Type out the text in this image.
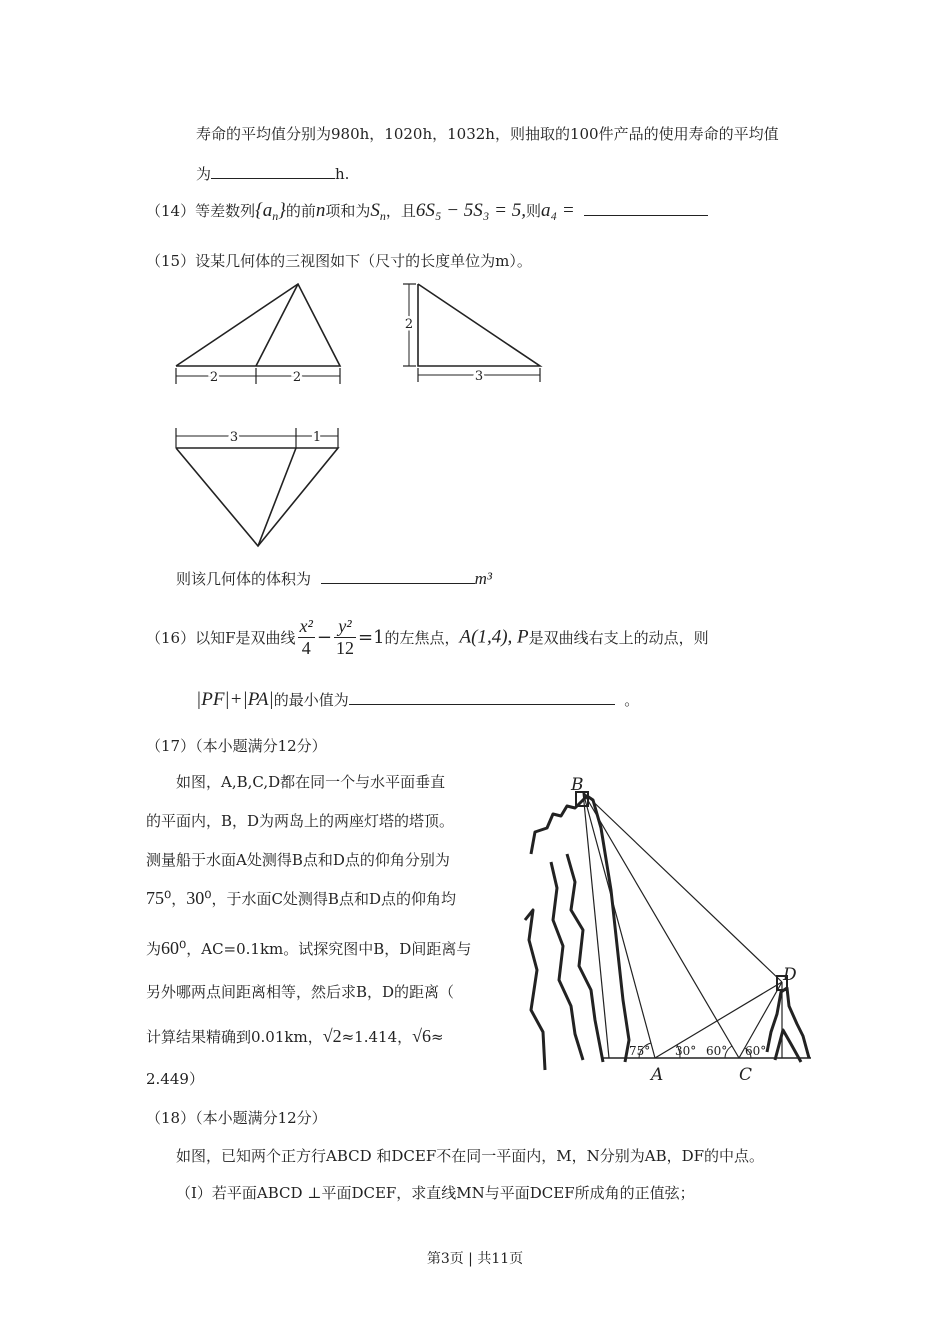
寿命的平均值分别为980h，1020h，1032h，则抽取的100件产品的使用寿命的平均值
为	h.
（14）等差数列$\{a_n\}$的前n项和为$S_n$，且6S₅ − 5S₃ = 5,则a₄ =
（15）设某几何体的三视图如下（尺寸的长度单位为m）。
2	2
2
3
3	1
则该几何体的体积为	m³
（16）以知F是双曲线 $\frac{\text{x²}}{4} - \frac{\text{y²}}{12} =1$的左焦点，A(1,4), P是双曲线右支上的动点，则
|PF|+|PA|的最小值为	。
（17）（本小题满分12分）
如图，A,B,C,D都在同一个与水平面垂直
的平面内，B，D为两岛上的两座灯塔的塔顶。
测量船于水面A处测得B点和D点的仰角分别为
75⁰，30⁰，于水面C处测得B点和D点的仰角均
为60⁰，AC=0.1km。试探究图中B，D间距离与
另外哪两点间距离相等，然后求B，D的距离（
计算结果精确到0.01km，√2≈1.414，√6≈
2.449）
B
D
A	C
75° 30° 60° 60°
（18）（本小题满分12分）
如图，已知两个正方行ABCD 和DCEF不在同一平面内，M，N分别为AB，DF的中点。
（Ⅰ）若平面ABCD ⊥平面DCEF，求直线MN与平面DCEF所成角的正值弦；
第3页 | 共11页
